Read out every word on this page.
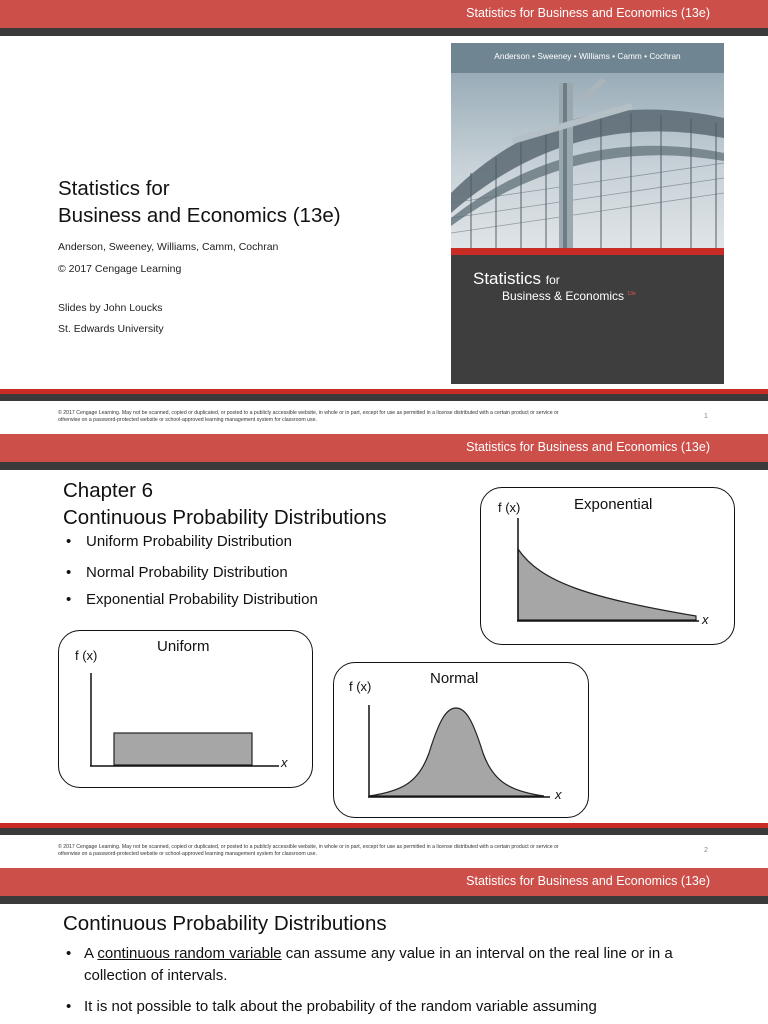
Statistics for Business and Economics (13e)
Statistics for
Business and Economics (13e)
Anderson, Sweeney, Williams, Camm, Cochran
© 2017 Cengage Learning
Slides by John Loucks
St. Edwards University
Anderson • Sweeney • Williams • Camm • Cochran
Statistics for
Business & Economics $^{13e}$
© 2017 Cengage Learning. May not be scanned, copied or duplicated, or posted to a publicly accessible website, in whole or in part, except for use as permitted in a license distributed with a certain product or service or
otherwise on a password-protected website or school-approved learning management system for classroom use.	1
Statistics for Business and Economics (13e)
Chapter 6
Continuous Probability Distributions
• Uniform Probability Distribution
• Normal Probability Distribution
• Exponential Probability Distribution
f (x)	Exponential
x
f (x)
Uniform
x
f (x)	Normal
x
© 2017 Cengage Learning. May not be scanned, copied or duplicated, or posted to a publicly accessible website, in whole or in part, except for use as permitted in a license distributed with a certain product or service or
otherwise on a password-protected website or school-approved learning management system for classroom use.	2
Statistics for Business and Economics (13e)
Continuous Probability Distributions
• A continuous random variable can assume any value in an interval on the real line or in a collection of intervals.
• It is not possible to talk about the probability of the random variable assuming
